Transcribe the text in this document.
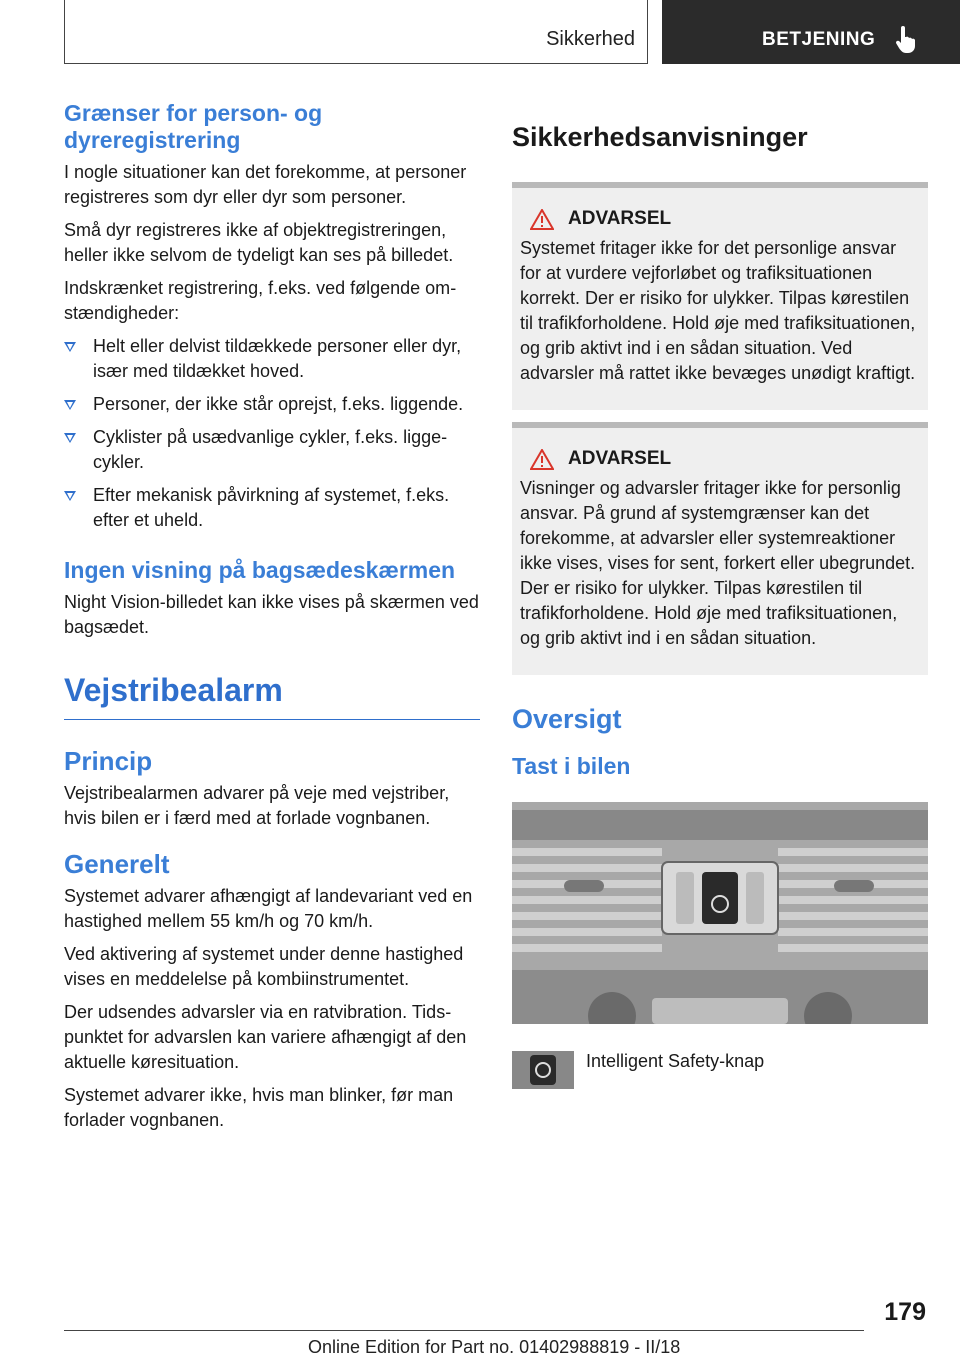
Sikkerhed	BETJENING
Grænser for person- og dyreregistrering

I nogle situationer kan det forekomme, at personer registreres som dyr eller dyr som personer.

Små dyr registreres ikke af objektregistreringen, heller ikke selvom de tydeligt kan ses på billedet.

Indskrænket registrering, f.eks. ved følgende omstændigheder:

Helt eller delvist tildækkede personer eller dyr, især med tildækket hoved.
Personer, der ikke står oprejst, f.eks. liggende.
Cyklister på usædvanlige cykler, f.eks. liggecykler.
Efter mekanisk påvirkning af systemet, f.eks. efter et uheld.
Ingen visning på bagsædeskærmen

Night Vision-billedet kan ikke vises på skærmen ved bagsædet.

Vejstribealarm
Princip

Vejstribealarmen advarer på veje med vejstriber, hvis bilen er i færd med at forlade vognbanen.

Generelt

Systemet advarer afhængigt af landevariant ved en hastighed mellem 55 km/h og 70 km/h.

Ved aktivering af systemet under denne hastighed vises en meddelelse på kombiinstrumentet.

Der udsendes advarsler via en ratvibration. Tidspunktet for advarslen kan variere afhængigt af den aktuelle køresituation.

Systemet advarer ikke, hvis man blinker, før man forlader vognbanen.

Sikkerhedsanvisninger
ADVARSEL

Systemet fritager ikke for det personlige ansvar for at vurdere vejforløbet og trafiksituationen korrekt. Der er risiko for ulykker. Tilpas kørestilen til trafikforholdene. Hold øje med trafiksituationen, og grib aktivt ind i en sådan situation. Ved advarsler må rattet ikke bevæges unødigt kraftigt.

ADVARSEL

Visninger og advarsler fritager ikke for personlig ansvar. På grund af systemgrænser kan det forekomme, at advarsler eller systemreaktioner ikke vises, vises for sent, forkert eller ubegrundet. Der er risiko for ulykker. Tilpas kørestilen til trafikforholdene. Hold øje med trafiksituationen, og grib aktivt ind i en sådan situation.

Oversigt
Tast i bilen
Intelligent Safety-knap
179
Online Edition for Part no. 01402988819 - II/18
